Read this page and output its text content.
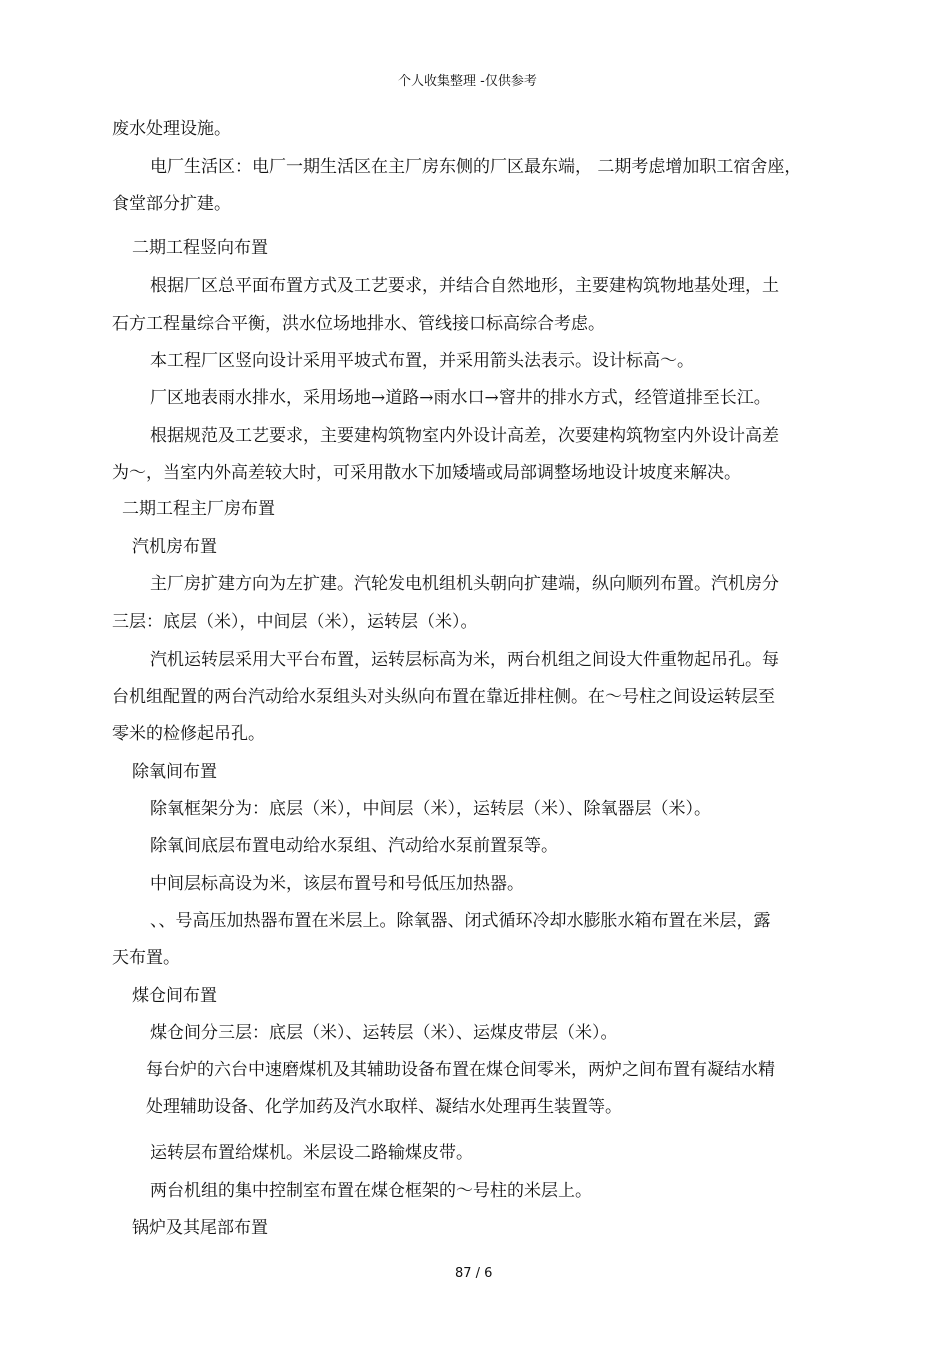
个人收集整理 -仅供参考
废水处理设施。
电厂生活区：电厂一期生活区在主厂房东侧的厂区最东端， 二期考虑增加职工宿舍座，
食堂部分扩建。
二期工程竖向布置
根据厂区总平面布置方式及工艺要求，并结合自然地形，主要建构筑物地基处理，土
石方工程量综合平衡，洪水位场地排水、管线接口标高综合考虑。
本工程厂区竖向设计采用平坡式布置，并采用箭头法表示。设计标高～。
厂区地表雨水排水，采用场地→道路→雨水口→窨井的排水方式，经管道排至长江。
根据规范及工艺要求，主要建构筑物室内外设计高差，次要建构筑物室内外设计高差
为～，当室内外高差较大时，可采用散水下加矮墙或局部调整场地设计坡度来解决。
二期工程主厂房布置
汽机房布置
主厂房扩建方向为左扩建。汽轮发电机组机头朝向扩建端，纵向顺列布置。汽机房分
三层：底层（米），中间层（米），运转层（米）。
汽机运转层采用大平台布置，运转层标高为米，两台机组之间设大件重物起吊孔。每
台机组配置的两台汽动给水泵组头对头纵向布置在靠近排柱侧。在～号柱之间设运转层至
零米的检修起吊孔。
除氧间布置
除氧框架分为：底层（米），中间层（米），运转层（米）、除氧器层（米）。
除氧间底层布置电动给水泵组、汽动给水泵前置泵等。
中间层标高设为米，该层布置号和号低压加热器。
、、号高压加热器布置在米层上。除氧器、闭式循环冷却水膨胀水箱布置在米层，露
天布置。
煤仓间布置
煤仓间分三层：底层（米）、运转层（米）、运煤皮带层（米）。
每台炉的六台中速磨煤机及其辅助设备布置在煤仓间零米，两炉之间布置有凝结水精
处理辅助设备、化学加药及汽水取样、凝结水处理再生装置等。
运转层布置给煤机。米层设二路输煤皮带。
两台机组的集中控制室布置在煤仓框架的～号柱的米层上。
锅炉及其尾部布置
87 / 6
